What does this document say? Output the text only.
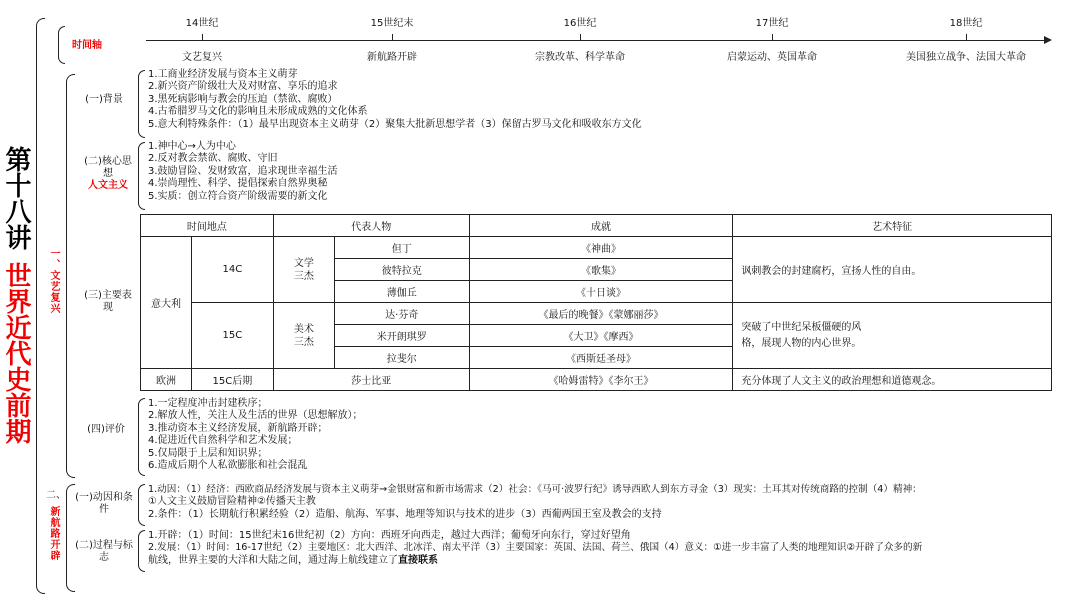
第十八讲
世界近代史前期
时间轴
14世纪
文艺复兴
15世纪末
新航路开辟
16世纪
宗教改革、科学革命
17世纪
启蒙运动、英国革命
18世纪
美国独立战争、法国大革命
一、文艺复兴
(一)背景
1.工商业经济发展与资本主义萌芽
2.新兴资产阶级壮大及对财富、享乐的追求
3.黑死病影响与教会的压迫（禁欲、腐败）
4.古希腊罗马文化的影响且未形成成熟的文化体系
5.意大利特殊条件：（1）最早出现资本主义萌芽（2）聚集大批新思想学者（3）保留古罗马文化和吸收东方文化
(二)核心思想
人文主义
1.神中心→人为中心
2.反对教会禁欲、腐败、守旧
3.鼓励冒险、发财致富，追求现世幸福生活
4.崇尚理性、科学、提倡探索自然界奥秘
5.实质：创立符合资产阶级需要的新文化
(三)主要表现
时间地点		代表人物		成就	艺术特征
意大利	14C	文学三杰	但丁	《神曲》	讽刺教会的封建腐朽，宣扬人性的自由。
			彼特拉克	《歌集》	
			薄伽丘	《十日谈》	
	15C	美术三杰	达·芬奇	《最后的晚餐》《蒙娜丽莎》	突破了中世纪呆板僵硬的风
格，展现人物的内心世界。

			米开朗琪罗	《大卫》《摩西》	
			拉斐尔	《西斯廷圣母》	
欧洲	15C后期	莎士比亚		《哈姆雷特》《李尔王》	充分体现了人文主义的政治理想和道德观念。
(四)评价
1.一定程度冲击封建秩序；
2.解放人性，关注人及生活的世界（思想解放）；
3.推动资本主义经济发展，新航路开辟；
4.促进近代自然科学和艺术发展；
5.仅局限于上层和知识界；
6.造成后期个人私欲膨胀和社会混乱
二、
新航路开辟
(一)动因和条件
1.动因：（1）经济：西欧商品经济发展与资本主义萌芽→金银财富和新市场需求（2）社会：《马可·波罗行纪》诱导西欧人到东方寻金（3）现实：土耳其对传统商路的控制（4）精神：
①人文主义鼓励冒险精神②传播天主教
2.条件：（1）长期航行积累经验（2）造船、航海、军事、地理等知识与技术的进步（3）西葡两国王室及教会的支持
(二)过程与标志
1.开辟：（1）时间：15世纪末16世纪初（2）方向：西班牙向西走，越过大西洋；葡萄牙向东行，穿过好望角
2.发展：（1）时间：16-17世纪（2）主要地区：北大西洋、北冰洋、南太平洋（3）主要国家：英国、法国、荷兰、俄国（4）意义：①进一步丰富了人类的地理知识②开辟了众多的新
航线，世界主要的大洋和大陆之间，通过海上航线建立了直接联系
